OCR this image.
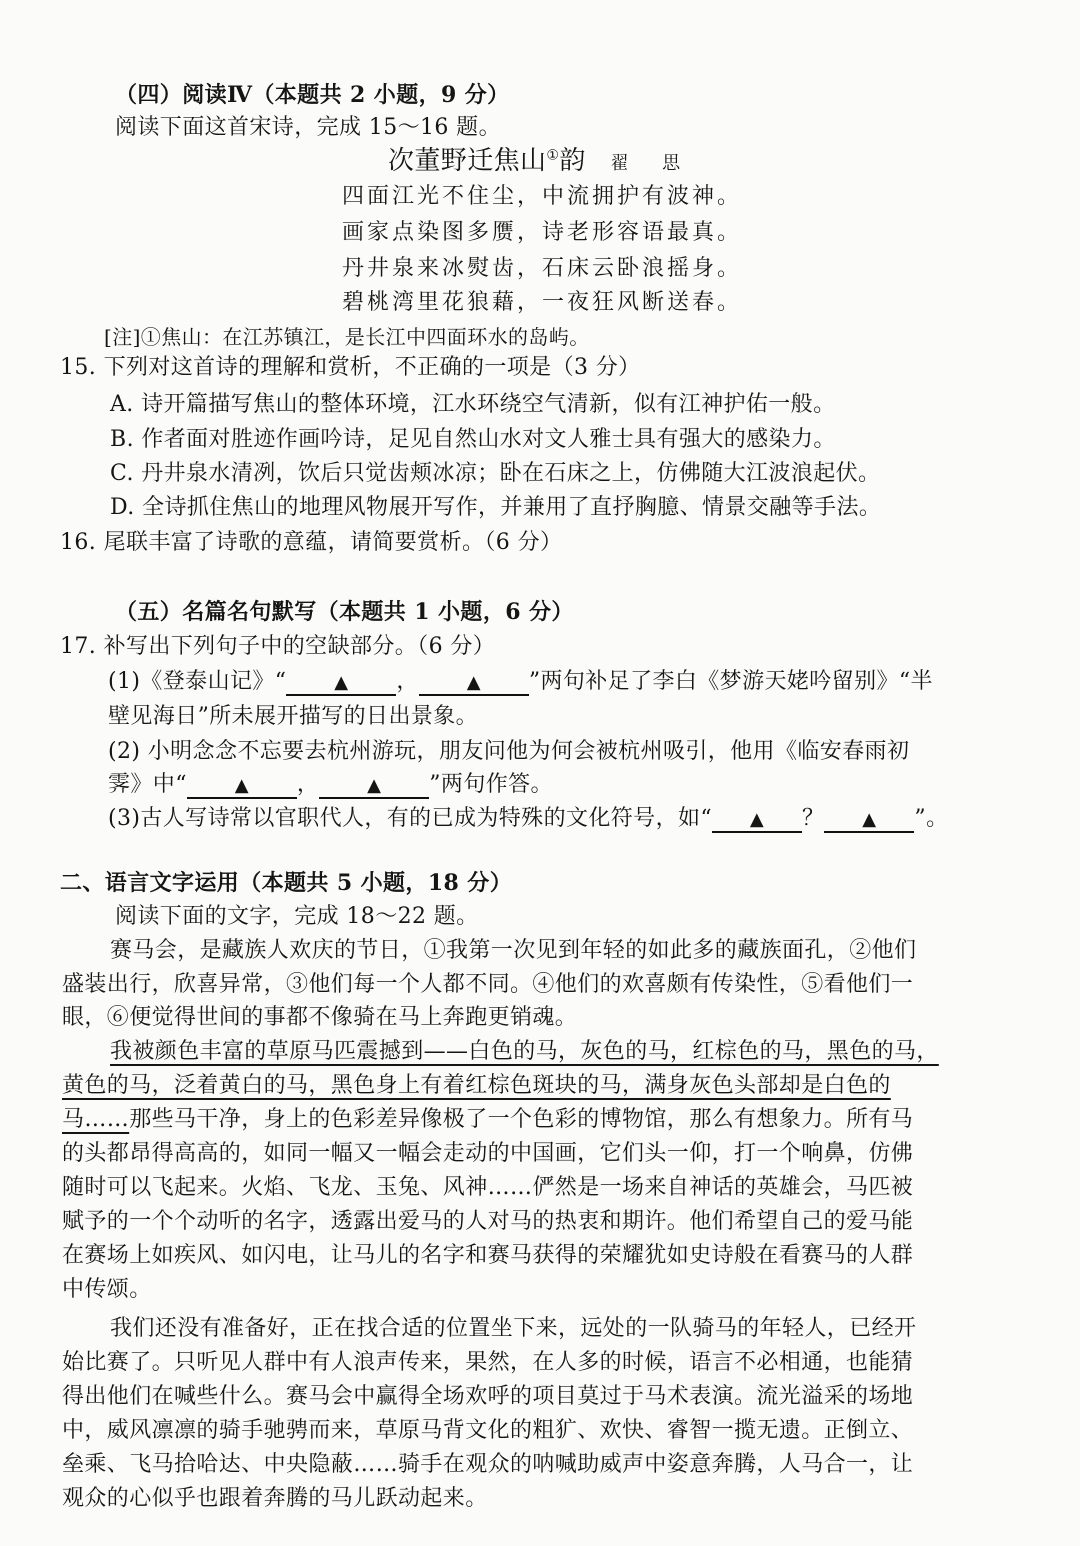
（四）阅读Ⅳ（本题共 2 小题，9 分）
阅读下面这首宋诗，完成 15～16 题。
次董野迁焦山①韵 翟 思
四面江光不住尘，中流拥护有波神。
画家点染图多赝，诗老形容语最真。
丹井泉来冰熨齿，石床云卧浪摇身。
碧桃湾里花狼藉，一夜狂风断送春。
[注]①焦山：在江苏镇江，是长江中四面环水的岛屿。
15. 下列对这首诗的理解和赏析，不正确的一项是（3 分）
A. 诗开篇描写焦山的整体环境，江水环绕空气清新，似有江神护佑一般。
B. 作者面对胜迹作画吟诗，足见自然山水对文人雅士具有强大的感染力。
C. 丹井泉水清冽，饮后只觉齿颊冰凉；卧在石床之上，仿佛随大江波浪起伏。
D. 全诗抓住焦山的地理风物展开写作，并兼用了直抒胸臆、情景交融等手法。
16. 尾联丰富了诗歌的意蕴，请简要赏析。（6 分）
（五）名篇名句默写（本题共 1 小题，6 分）
17. 补写出下列句子中的空缺部分。（6 分）
(1)《登泰山记》“	▲ ，	▲ ”两句补足了李白《梦游天姥吟留别》“半
壁见海日”所未展开描写的日出景象。
(2) 小明念念不忘要去杭州游玩，朋友问他为何会被杭州吸引，他用《临安春雨初
霁》中“	▲ ，	▲ ”两句作答。
(3)古人写诗常以官职代人，有的已成为特殊的文化符号，如“ ▲ ？ ▲ ”。
二、语言文字运用（本题共 5 小题，18 分）
阅读下面的文字，完成 18～22 题。
赛马会，是藏族人欢庆的节日，①我第一次见到年轻的如此多的藏族面孔，②他们
盛装出行，欣喜异常，③他们每一个人都不同。④他们的欢喜颇有传染性，⑤看他们一
眼，⑥便觉得世间的事都不像骑在马上奔跑更销魂。
我被颜色丰富的草原马匹震撼到——白色的马，灰色的马，红棕色的马，黑色的马，
黄色的马，泛着黄白的马，黑色身上有着红棕色斑块的马，满身灰色头部却是白色的
马……那些马干净，身上的色彩差异像极了一个色彩的博物馆，那么有想象力。所有马
的头都昂得高高的，如同一幅又一幅会走动的中国画，它们头一仰，打一个响鼻，仿佛
随时可以飞起来。火焰、飞龙、玉兔、风神……俨然是一场来自神话的英雄会，马匹被
赋予的一个个动听的名字，透露出爱马的人对马的热衷和期许。他们希望自己的爱马能
在赛场上如疾风、如闪电，让马儿的名字和赛马获得的荣耀犹如史诗般在看赛马的人群
中传颂。
我们还没有准备好，正在找合适的位置坐下来，远处的一队骑马的年轻人，已经开
始比赛了。只听见人群中有人浪声传来，果然，在人多的时候，语言不必相通，也能猜
得出他们在喊些什么。赛马会中赢得全场欢呼的项目莫过于马术表演。流光溢采的场地
中，威风凛凛的骑手驰骋而来，草原马背文化的粗犷、欢快、睿智一揽无遗。正倒立、
垒乘、飞马拾哈达、中央隐蔽……骑手在观众的呐喊助威声中姿意奔腾，人马合一，让
观众的心似乎也跟着奔腾的马儿跃动起来。
